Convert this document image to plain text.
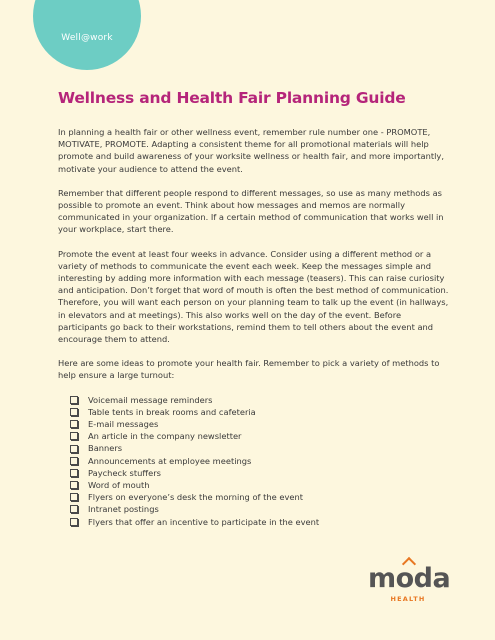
Well@work
Wellness and Health Fair Planning Guide

In planning a health fair or other wellness event, remember rule number one - PROMOTE, MOTIVATE, PROMOTE. Adapting a consistent theme for all promotional materials will help promote and build awareness of your worksite wellness or health fair, and more importantly, motivate your audience to attend the event.

Remember that different people respond to different messages, so use as many methods as possible to promote an event. Think about how messages and memos are normally communicated in your organization. If a certain method of communication that works well in your workplace, start there.

Promote the event at least four weeks in advance. Consider using a different method or a variety of methods to communicate the event each week. Keep the messages simple and interesting by adding more information with each message (teasers). This can raise curiosity and anticipation. Don’t forget that word of mouth is often the best method of communication. Therefore, you will want each person on your planning team to talk up the event (in hallways, in elevators and at meetings). This also works well on the day of the event. Before participants go back to their workstations, remind them to tell others about the event and encourage them to attend.

Here are some ideas to promote your health fair. Remember to pick a variety of methods to help ensure a large turnout:

Voicemail message reminders
Table tents in break rooms and cafeteria
E-mail messages
An article in the company newsletter
Banners
Announcements at employee meetings
Paycheck stuffers
Word of mouth
Flyers on everyone’s desk the morning of the event
Intranet postings
Flyers that offer an incentive to participate in the event
moda
HEALTH
